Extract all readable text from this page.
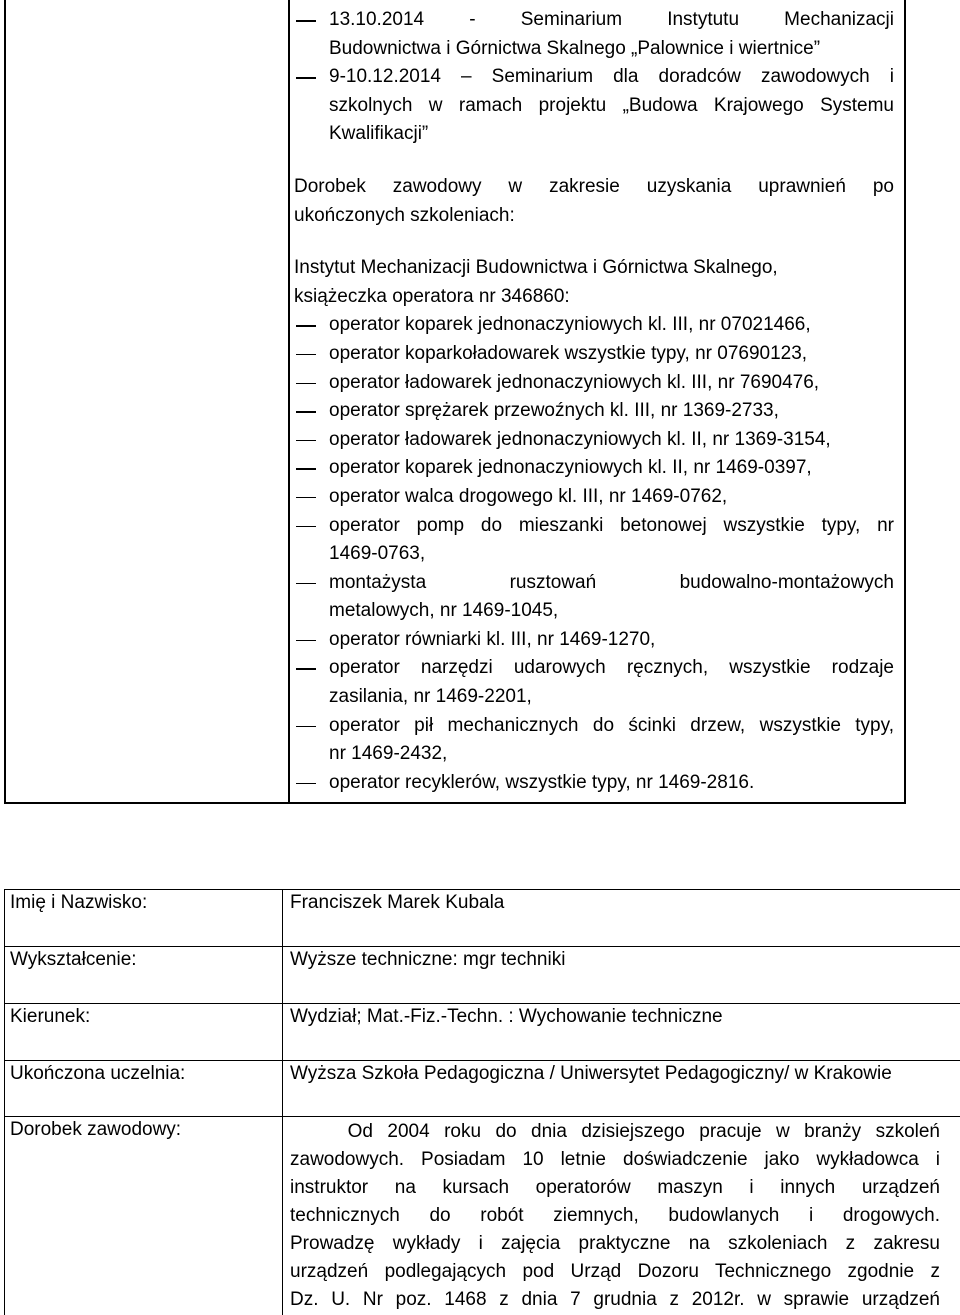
13.10.2014 - Seminarium Instytutu Mechanizacji
Budownictwa i Górnictwa Skalnego „Palownice i wiertnice”
9-10.12.2014 – Seminarium dla doradców zawodowych i
szkolnych w ramach projektu „Budowa Krajowego Systemu
Kwalifikacji”
Dorobek zawodowy w zakresie uzyskania uprawnień po
ukończonych szkoleniach:
Instytut Mechanizacji Budownictwa i Górnictwa Skalnego,
książeczka operatora nr 346860:
operator koparek jednonaczyniowych kl. III, nr 07021466,
operator koparkoładowarek wszystkie typy, nr 07690123,
operator ładowarek jednonaczyniowych kl. III, nr 7690476,
operator sprężarek przewoźnych kl. III, nr 1369-2733,
operator ładowarek jednonaczyniowych kl. II, nr 1369-3154,
operator koparek jednonaczyniowych kl. II, nr 1469-0397,
operator walca drogowego kl. III, nr 1469-0762,
operator pomp do mieszanki betonowej wszystkie typy, nr
1469-0763,
montażysta rusztowań budowalno-montażowych
metalowych, nr 1469-1045,
operator równiarki kl. III, nr 1469-1270,
operator narzędzi udarowych ręcznych, wszystkie rodzaje
zasilania, nr 1469-2201,
operator pił mechanicznych do ścinki drzew, wszystkie typy,
nr 1469-2432,
operator recyklerów, wszystkie typy, nr 1469-2816.
Imię i Nazwisko:	Franciszek Marek Kubala
Wykształcenie:	Wyższe techniczne: mgr techniki
Kierunek:	Wydział; Mat.-Fiz.-Techn. : Wychowanie techniczne
Ukończona uczelnia:	Wyższa Szkoła Pedagogiczna / Uniwersytet Pedagogiczny/ w Krakowie
Dorobek zawodowy:	Od 2004 roku do dnia dzisiejszego pracuje w branży szkoleń
zawodowych. Posiadam 10 letnie doświadczenie jako wykładowca i
instruktor na kursach operatorów maszyn i innych urządzeń
technicznych do robót ziemnych, budowlanych i drogowych.
Prowadzę wykłady i zajęcia praktyczne na szkoleniach z zakresu
urządzeń podlegających pod Urząd Dozoru Technicznego zgodnie z
Dz. U. Nr poz. 1468 z dnia 7 grudnia z 2012r. w sprawie urządzeń
